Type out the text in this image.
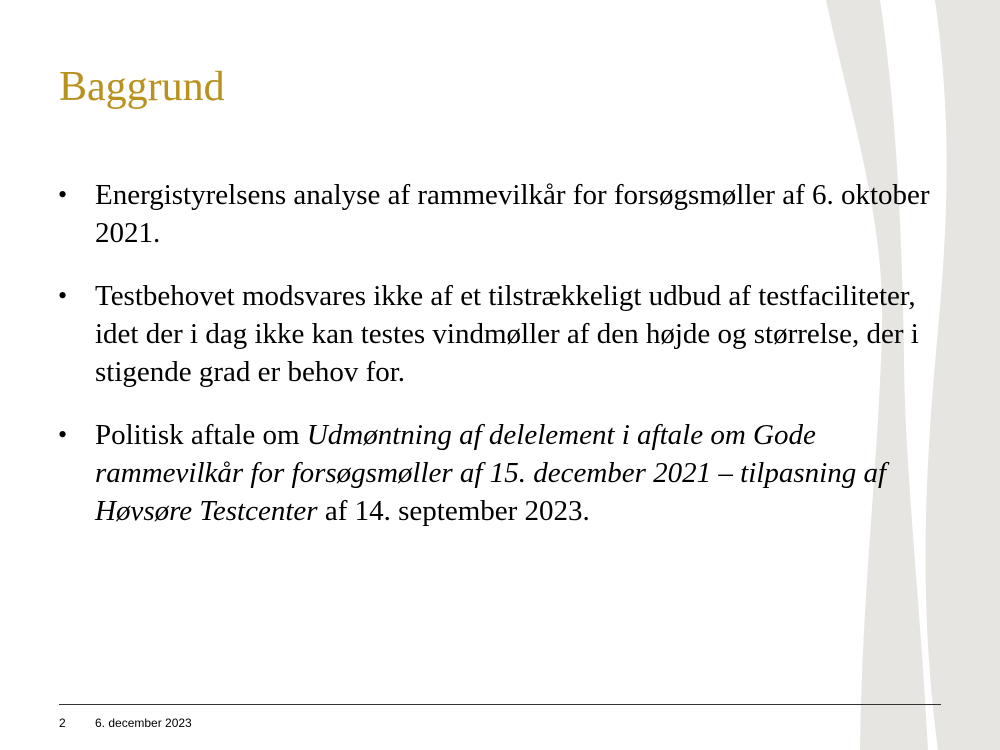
Baggrund
• Energistyrelsens analyse af rammevilkår for forsøgsmøller af 6. oktober 2021.
• Testbehovet modsvares ikke af et tilstrækkeligt udbud af testfaciliteter, idet der i dag ikke kan testes vindmøller af den højde og størrelse, der i stigende grad er behov for.
• Politisk aftale om Udmøntning af delelement i aftale om Gode rammevilkår for forsøgsmøller af 15. december 2021 – tilpasning af Høvsøre Testcenter af 14. september 2023.
2 6. december 2023
